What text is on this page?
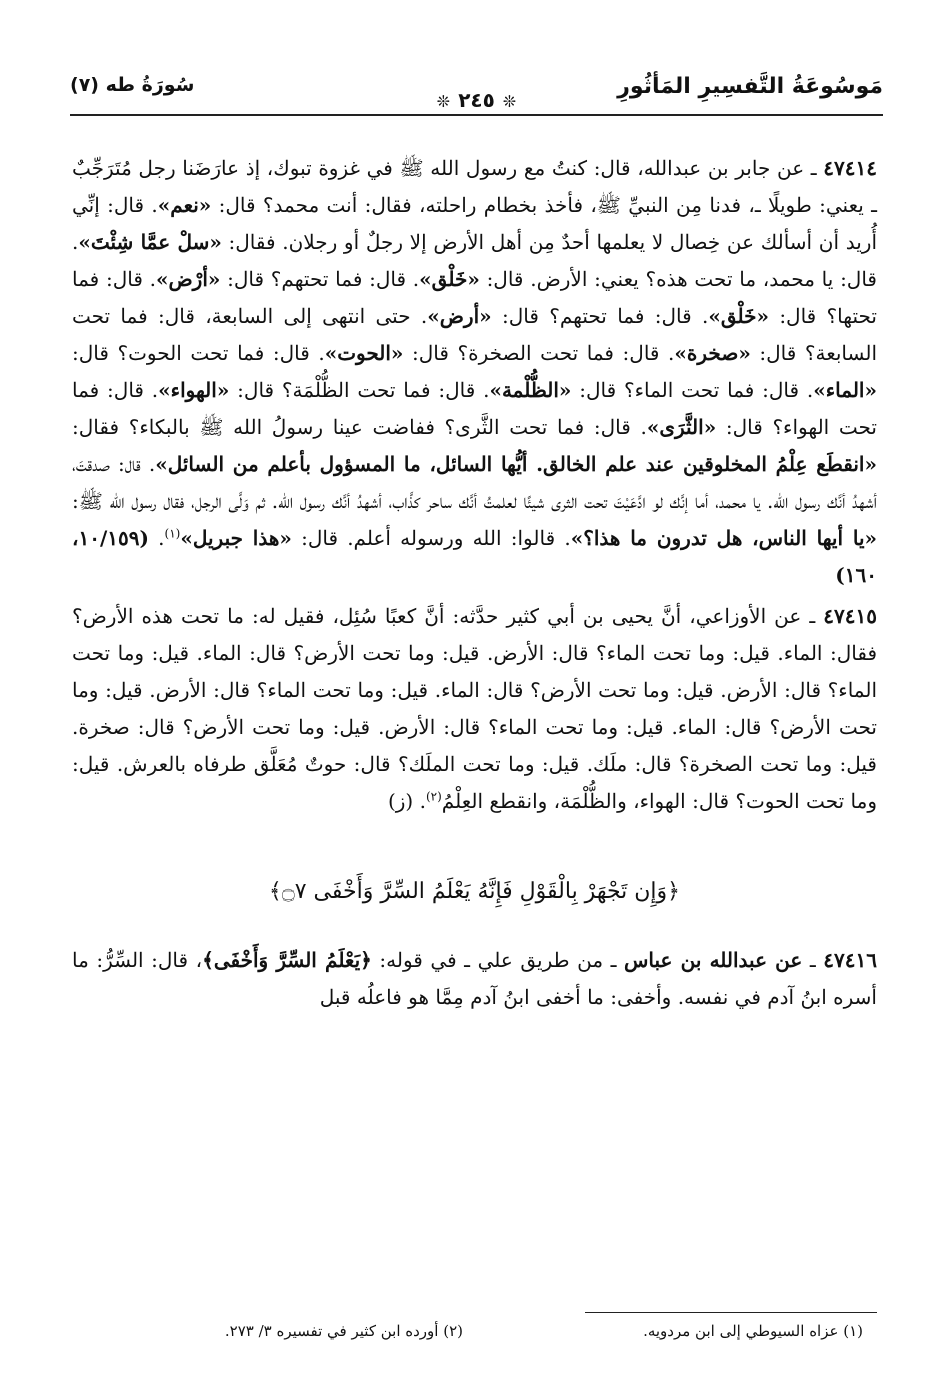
مَوسُوعَةُ التَّفسِيرِ المَأثُورِ
❊ ٢٤٥ ❊
سُورَةُ طه (٧)

٤٧٤١٤ ـ عن جابر بن عبدالله، قال: كنتُ مع رسول الله ﷺ في غزوة تبوك، إذ عارَضَنا رجل مُتَرَجِّبٌ ـ يعني: طويلًا ـ، فدنا مِن النبيِّ ﷺ، فأخذ بخطام راحلته، فقال: أنت محمد؟ قال: «نعم». قال: إنِّي أُريد أن أسألك عن خِصال لا يعلمها أحدٌ مِن أهل الأرض إلا رجلٌ أو رجلان. فقال: «سلْ عمَّا شِئْتَ». قال: يا محمد، ما تحت هذه؟ يعني: الأرض. قال: «خَلْق». قال: فما تحتهم؟ قال: «أرْض». قال: فما تحتها؟ قال: «خَلْق». قال: فما تحتهم؟ قال: «أرض». حتى انتهى إلى السابعة، قال: فما تحت السابعة؟ قال: «صخرة». قال: فما تحت الصخرة؟ قال: «الحوت». قال: فما تحت الحوت؟ قال: «الماء». قال: فما تحت الماء؟ قال: «الظُّلْمة». قال: فما تحت الظُّلْمَة؟ قال: «الهواء». قال: فما تحت الهواء؟ قال: «الثَّرَى». قال: فما تحت الثَّرى؟ ففاضت عينا رسولُ الله ﷺ بالبكاء؟ فقال: «انقطَع عِلْمُ المخلوقين عند علم الخالق. أيُّها السائل، ما المسؤول بأعلم من السائل». قال: صدقتَ، أشهدُ أنَّك رسول الله. يا محمد، أما إنَّك لو ادَّعَيْتَ تحت الثرى شيئًا لعلمتُ أنَّك ساحر كذَّاب، أشهدُ أنَّك رسول الله. ثم وَلَّى الرجل، فقال رسول الله ﷺ: «يا أيها الناس، هل تدرون ما هذا؟». قالوا: الله ورسوله أعلم. قال: «هذا جبريل»$^{(١)}$. (١٠/١٥٩، ١٦٠)

٤٧٤١٥ ـ عن الأوزاعي، أنَّ يحيى بن أبي كثير حدَّثه: أنَّ كعبًا سُئِل، فقيل له: ما تحت هذه الأرض؟ فقال: الماء. قيل: وما تحت الماء؟ قال: الأرض. قيل: وما تحت الأرض؟ قال: الماء. قيل: وما تحت الماء؟ قال: الأرض. قيل: وما تحت الأرض؟ قال: الماء. قيل: وما تحت الماء؟ قال: الأرض. قيل: وما تحت الأرض؟ قال: الماء. قيل: وما تحت الماء؟ قال: الأرض. قيل: وما تحت الأرض؟ قال: صخرة. قيل: وما تحت الصخرة؟ قال: ملَك. قيل: وما تحت الملَك؟ قال: حوتٌ مُعَلَّق طرفاه بالعرش. قيل: وما تحت الحوت؟ قال: الهواء، والظُّلْمَة، وانقطع العِلْمُ$^{(٢)}$. (ز)

﴿وَإِن تَجْهَرْ بِالْقَوْلِ فَإِنَّهُ يَعْلَمُ السِّرَّ وَأَخْفَى ۝٧﴾

٤٧٤١٦ ـ عن عبدالله بن عباس ـ من طريق علي ـ في قوله: ﴿يَعْلَمُ السِّرَّ وَأَخْفَى﴾، قال: السِّرُّ: ما أسره ابنُ آدم في نفسه. وأخفى: ما أخفى ابنُ آدم مِمَّا هو فاعلُه قبل

(١) عزاه السيوطي إلى ابن مردويه.
(٢) أورده ابن كثير في تفسيره ٣/ ٢٧٣.
